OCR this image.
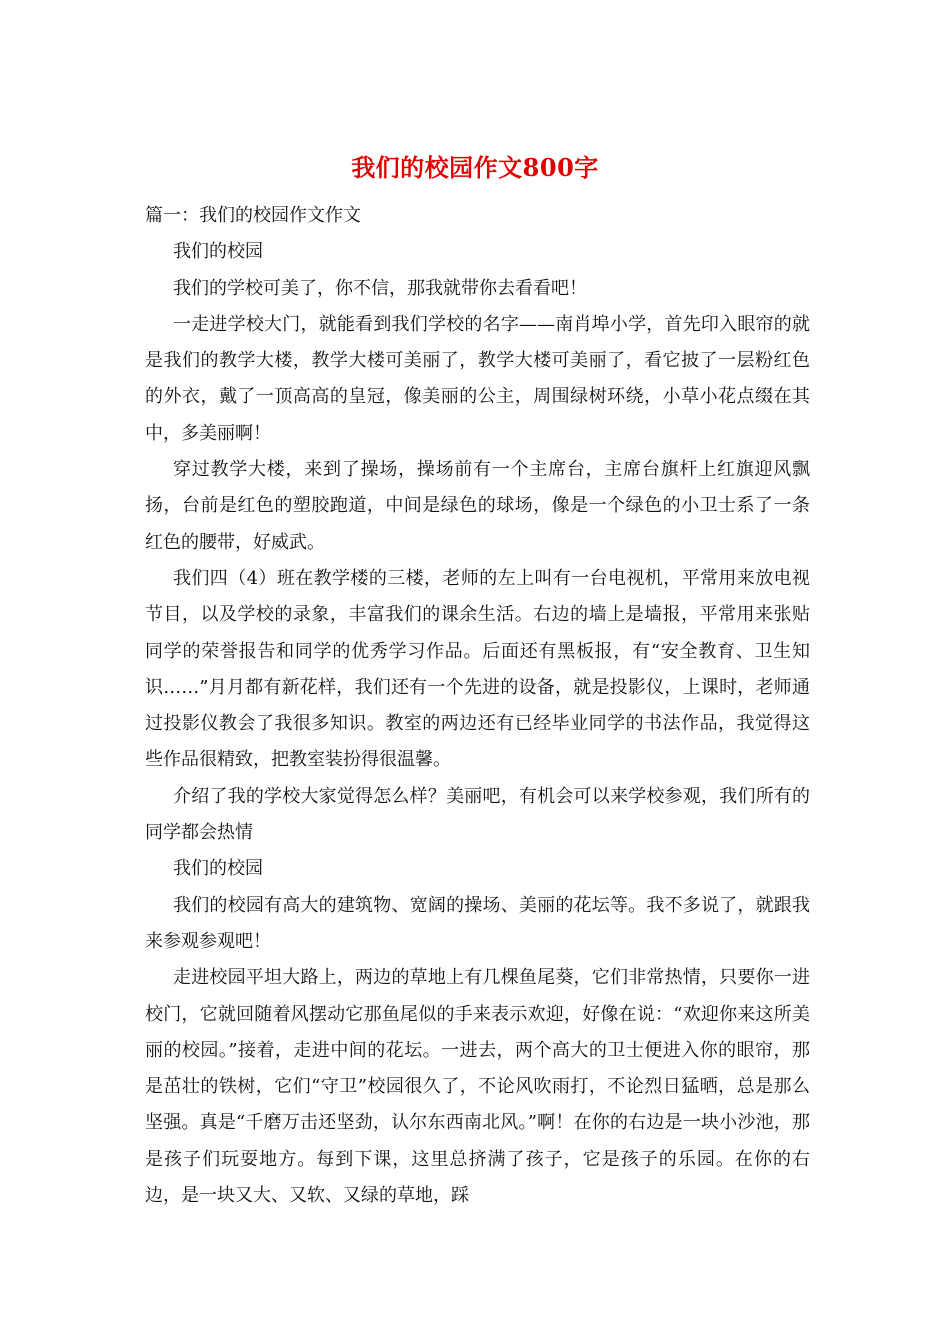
我们的校园作文800字

篇一：我们的校园作文作文

我们的校园

我们的学校可美了，你不信，那我就带你去看看吧！

一走进学校大门，就能看到我们学校的名字——南肖埠小学，首先印入眼帘的就是我们的教学大楼，教学大楼可美丽了，教学大楼可美丽了，看它披了一层粉红色的外衣，戴了一顶高高的皇冠，像美丽的公主，周围绿树环绕，小草小花点缀在其中，多美丽啊！

穿过教学大楼，来到了操场，操场前有一个主席台，主席台旗杆上红旗迎风飘扬，台前是红色的塑胶跑道，中间是绿色的球场，像是一个绿色的小卫士系了一条红色的腰带，好威武。

我们四（4）班在教学楼的三楼，老师的左上叫有一台电视机，平常用来放电视节目，以及学校的录象，丰富我们的课余生活。右边的墙上是墙报，平常用来张贴同学的荣誉报告和同学的优秀学习作品。后面还有黑板报，有“安全教育、卫生知识……”月月都有新花样，我们还有一个先进的设备，就是投影仪，上课时，老师通过投影仪教会了我很多知识。教室的两边还有已经毕业同学的书法作品，我觉得这些作品很精致，把教室装扮得很温馨。

介绍了我的学校大家觉得怎么样？美丽吧，有机会可以来学校参观，我们所有的同学都会热情

我们的校园

我们的校园有高大的建筑物、宽阔的操场、美丽的花坛等。我不多说了，就跟我来参观参观吧！

走进校园平坦大路上，两边的草地上有几棵鱼尾葵，它们非常热情，只要你一进校门，它就回随着风摆动它那鱼尾似的手来表示欢迎，好像在说：“欢迎你来这所美丽的校园。”接着，走进中间的花坛。一进去，两个高大的卫士便进入你的眼帘，那是茁壮的铁树，它们“守卫”校园很久了，不论风吹雨打，不论烈日猛晒，总是那么坚强。真是“千磨万击还坚劲，认尔东西南北风。”啊！在你的右边是一块小沙池，那是孩子们玩耍地方。每到下课，这里总挤满了孩子，它是孩子的乐园。在你的右边，是一块又大、又软、又绿的草地，踩
